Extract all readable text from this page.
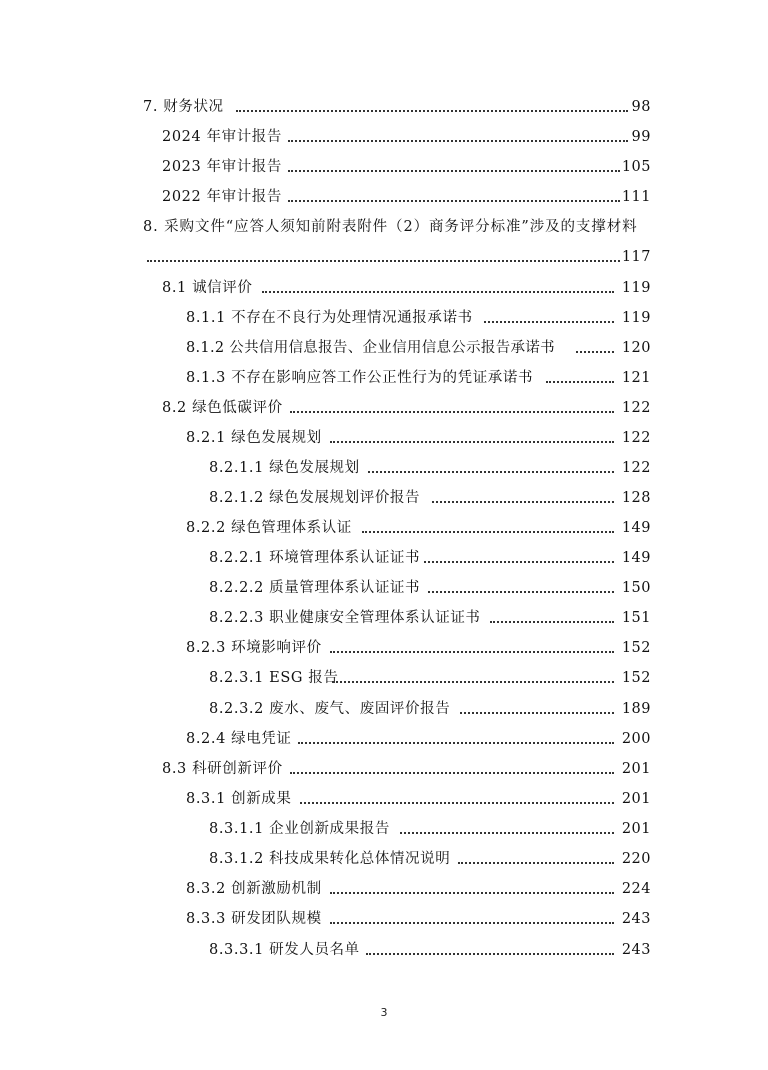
7. 财务状况	98
2024 年审计报告	99
2023 年审计报告	105
2022 年审计报告	111
8. 采购文件“应答人须知前附表附件（2）商务评分标准”涉及的支撑材料
117
8.1 诚信评价	119
8.1.1 不存在不良行为处理情况通报承诺书	119
8.1.2 公共信用信息报告、企业信用信息公示报告承诺书	120
8.1.3 不存在影响应答工作公正性行为的凭证承诺书	121
8.2 绿色低碳评价	122
8.2.1 绿色发展规划	122
8.2.1.1 绿色发展规划	122
8.2.1.2 绿色发展规划评价报告	128
8.2.2 绿色管理体系认证	149
8.2.2.1 环境管理体系认证证书	149
8.2.2.2 质量管理体系认证证书	150
8.2.2.3 职业健康安全管理体系认证证书	151
8.2.3 环境影响评价	152
8.2.3.1 ESG 报告	152
8.2.3.2 废水、废气、废固评价报告	189
8.2.4 绿电凭证	200
8.3 科研创新评价	201
8.3.1 创新成果	201
8.3.1.1 企业创新成果报告	201
8.3.1.2 科技成果转化总体情况说明	220
8.3.2 创新激励机制	224
8.3.3 研发团队规模	243
8.3.3.1 研发人员名单	243
3
